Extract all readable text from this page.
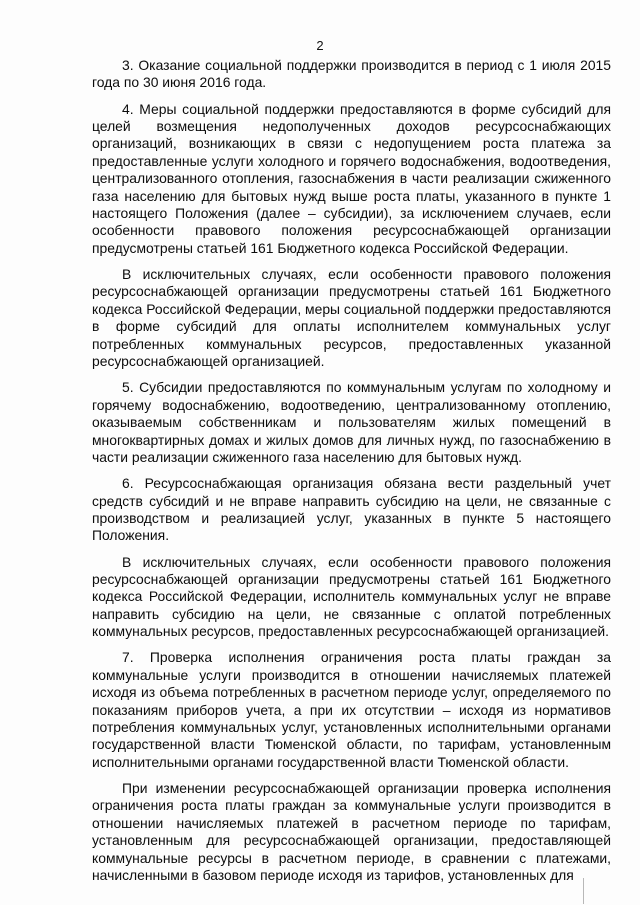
2

3. Оказание социальной поддержки производится в период с 1 июля 2015 года по 30 июня 2016 года.

4. Меры социальной поддержки предоставляются в форме субсидий для целей возмещения недополученных доходов ресурсоснабжающих организаций, возникающих в связи с недопущением роста платежа за предоставленные услуги холодного и горячего водоснабжения, водоотведения, централизованного отопления, газоснабжения в части реализации сжиженного газа населению для бытовых нужд выше роста платы, указанного в пункте 1 настоящего Положения (далее – субсидии), за исключением случаев, если особенности правового положения ресурсоснабжающей организации предусмотрены статьей 161 Бюджетного кодекса Российской Федерации.

В исключительных случаях, если особенности правового положения ресурсоснабжающей организации предусмотрены статьей 161 Бюджетного кодекса Российской Федерации, меры социальной поддержки предоставляются в форме субсидий для оплаты исполнителем коммунальных услуг потребленных коммунальных ресурсов, предоставленных указанной ресурсоснабжающей организацией.

5. Субсидии предоставляются по коммунальным услугам по холодному и горячему водоснабжению, водоотведению, централизованному отоплению, оказываемым собственникам и пользователям жилых помещений в многоквартирных домах и жилых домов для личных нужд, по газоснабжению в части реализации сжиженного газа населению для бытовых нужд.

6. Ресурсоснабжающая организация обязана вести раздельный учет средств субсидий и не вправе направить субсидию на цели, не связанные с производством и реализацией услуг, указанных в пункте 5 настоящего Положения.

В исключительных случаях, если особенности правового положения ресурсоснабжающей организации предусмотрены статьей 161 Бюджетного кодекса Российской Федерации, исполнитель коммунальных услуг не вправе направить субсидию на цели, не связанные с оплатой потребленных коммунальных ресурсов, предоставленных ресурсоснабжающей организацией.

7. Проверка исполнения ограничения роста платы граждан за коммунальные услуги производится в отношении начисляемых платежей исходя из объема потребленных в расчетном периоде услуг, определяемого по показаниям приборов учета, а при их отсутствии – исходя из нормативов потребления коммунальных услуг, установленных исполнительными органами государственной власти Тюменской области, по тарифам, установленным исполнительными органами государственной власти Тюменской области.

При изменении ресурсоснабжающей организации проверка исполнения ограничения роста платы граждан за коммунальные услуги производится в отношении начисляемых платежей в расчетном периоде по тарифам, установленным для ресурсоснабжающей организации, предоставляющей коммунальные ресурсы в расчетном периоде, в сравнении с платежами, начисленными в базовом периоде исходя из тарифов, установленных для
